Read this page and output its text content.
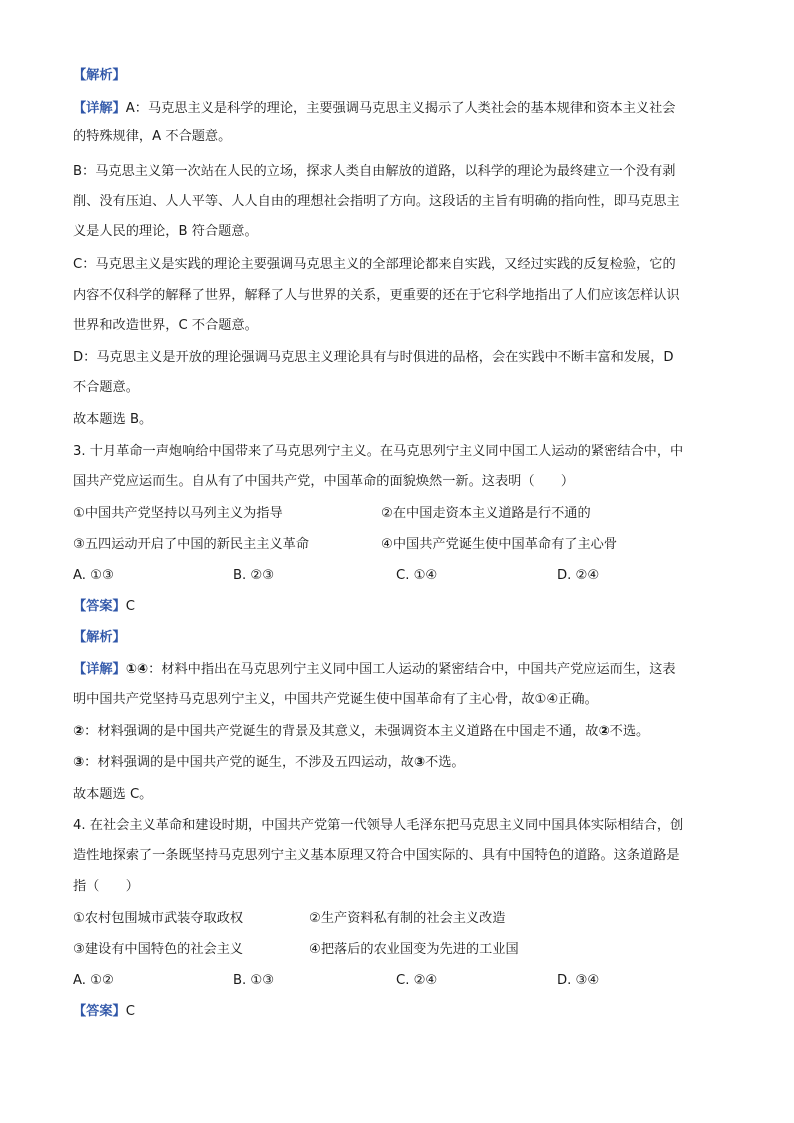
【解析】
【详解】A：马克思主义是科学的理论，主要强调马克思主义揭示了人类社会的基本规律和资本主义社会
的特殊规律，A 不合题意。
B：马克思主义第一次站在人民的立场，探求人类自由解放的道路，以科学的理论为最终建立一个没有剥
削、没有压迫、人人平等、人人自由的理想社会指明了方向。这段话的主旨有明确的指向性，即马克思主
义是人民的理论，B 符合题意。
C：马克思主义是实践的理论主要强调马克思主义的全部理论都来自实践，又经过实践的反复检验，它的
内容不仅科学的解释了世界，解释了人与世界的关系，更重要的还在于它科学地指出了人们应该怎样认识
世界和改造世界，C 不合题意。
D：马克思主义是开放的理论强调马克思主义理论具有与时俱进的品格，会在实践中不断丰富和发展，D
不合题意。
故本题选 B。
3. 十月革命一声炮响给中国带来了马克思列宁主义。在马克思列宁主义同中国工人运动的紧密结合中，中
国共产党应运而生。自从有了中国共产党，中国革命的面貌焕然一新。这表明（　　）
①中国共产党坚持以马列主义为指导	②在中国走资本主义道路是行不通的
③五四运动开启了中国的新民主主义革命	④中国共产党诞生使中国革命有了主心骨
A. ①③	B. ②③	C. ①④	D. ②④
【答案】C
【解析】
【详解】①④：材料中指出在马克思列宁主义同中国工人运动的紧密结合中，中国共产党应运而生，这表
明中国共产党坚持马克思列宁主义，中国共产党诞生使中国革命有了主心骨，故①④正确。
②：材料强调的是中国共产党诞生的背景及其意义，未强调资本主义道路在中国走不通，故②不选。
③：材料强调的是中国共产党的诞生，不涉及五四运动，故③不选。
故本题选 C。
4. 在社会主义革命和建设时期，中国共产党第一代领导人毛泽东把马克思主义同中国具体实际相结合，创
造性地探索了一条既坚持马克思列宁主义基本原理又符合中国实际的、具有中国特色的道路。这条道路是
指（　　）
①农村包围城市武装夺取政权	②生产资料私有制的社会主义改造
③建设有中国特色的社会主义	④把落后的农业国变为先进的工业国
A. ①②	B. ①③	C. ②④	D. ③④
【答案】C
